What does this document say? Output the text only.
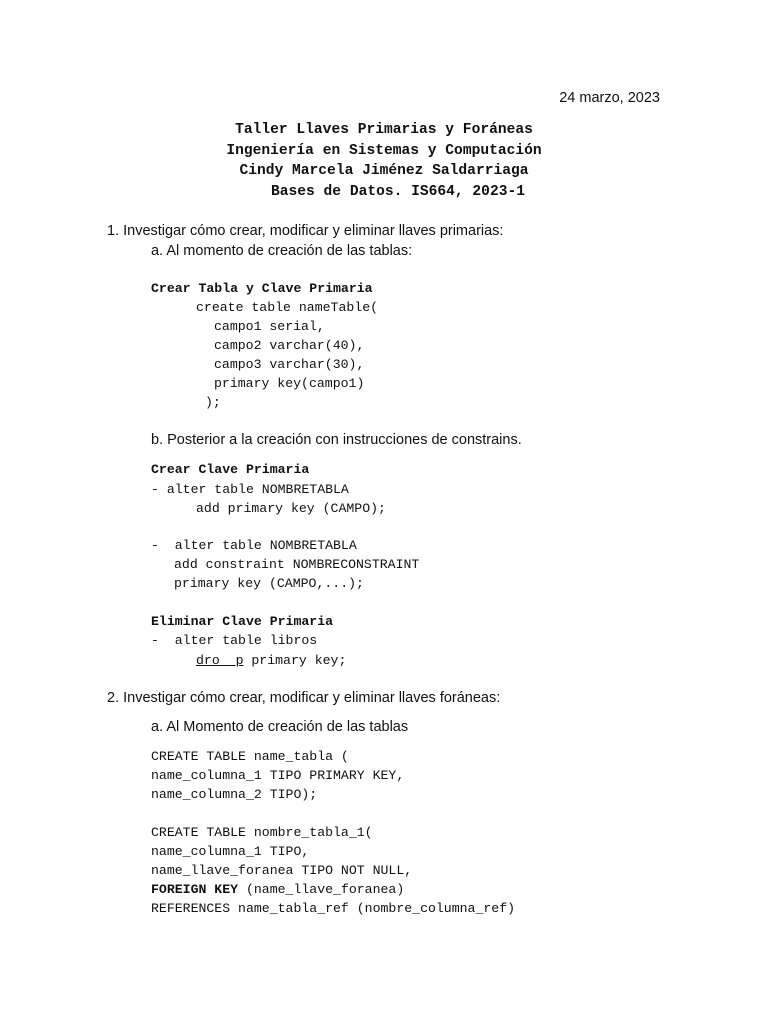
24 marzo, 2023
Taller Llaves Primarias y Foráneas
Ingeniería en Sistemas y Computación
Cindy Marcela Jiménez Saldarriaga
Bases de Datos. IS664, 2023-1
1. Investigar cómo crear, modificar y eliminar llaves primarias:
a. Al momento de creación de las tablas:
Crear Tabla y Clave Primaria
create table nameTable(
campo1 serial,
campo2 varchar(40),
campo3 varchar(30),
primary key(campo1)
);
b. Posterior a la creación con instrucciones de constrains.
Crear Clave Primaria
- alter table NOMBRETABLA
add primary key (CAMPO);
-  alter table NOMBRETABLA
add constraint NOMBRECONSTRAINT
primary key (CAMPO,...);
Eliminar Clave Primaria
-  alter table libros
dro  p primary key;
2. Investigar cómo crear, modificar y eliminar llaves foráneas:
a. Al Momento de creación de las tablas
CREATE TABLE name_tabla (
name_columna_1 TIPO PRIMARY KEY,
name_columna_2 TIPO);
CREATE TABLE nombre_tabla_1(
name_columna_1 TIPO,
name_llave_foranea TIPO NOT NULL,
FOREIGN KEY (name_llave_foranea)
REFERENCES name_tabla_ref (nombre_columna_ref)
